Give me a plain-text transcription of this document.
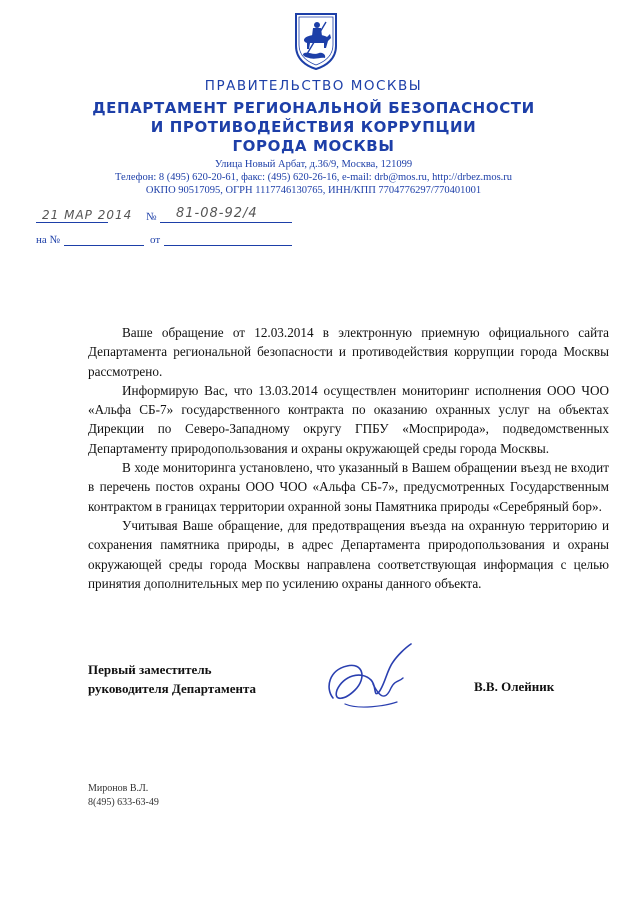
ПРАВИТЕЛЬСТВО МОСКВЫ
ДЕПАРТАМЕНТ РЕГИОНАЛЬНОЙ БЕЗОПАСНОСТИ
И ПРОТИВОДЕЙСТВИЯ КОРРУПЦИИ
ГОРОДА МОСКВЫ
Улица Новый Арбат, д.36/9, Москва, 121099
Телефон: 8 (495) 620-20-61, факс: (495) 620-26-16, e-mail: drb@mos.ru, http://drbez.mos.ru
ОКПО 90517095, ОГРН 1117746130765, ИНН/КПП 7704776297/770401001
21 МАР 2014 № 81-08-92/4
на №	от

Ваше обращение от 12.03.2014 в электронную приемную официального сайта Департамента региональной безопасности и противодействия коррупции города Москвы рассмотрено.

Информирую Вас, что 13.03.2014 осуществлен мониторинг исполнения ООО ЧОО «Альфа СБ-7» государственного контракта по оказанию охранных услуг на объектах Дирекции по Северо-Западному округу ГПБУ «Мосприрода», подведомственных Департаменту природопользования и охраны окружающей среды города Москвы.

В ходе мониторинга установлено, что указанный в Вашем обращении въезд не входит в перечень постов охраны ООО ЧОО «Альфа СБ-7», предусмотренных Государственным контрактом в границах территории охранной зоны Памятника природы «Серебряный бор».

Учитывая Ваше обращение, для предотвращения въезда на охранную территорию и сохранения памятника природы, в адрес Департамента природопользования и охраны окружающей среды города Москвы направлена соответствующая информация с целью принятия дополнительных мер по усилению охраны данного объекта.

Первый заместитель
руководителя Департамента	В.В. Олейник
Миронов В.Л.
8(495) 633-63-49
